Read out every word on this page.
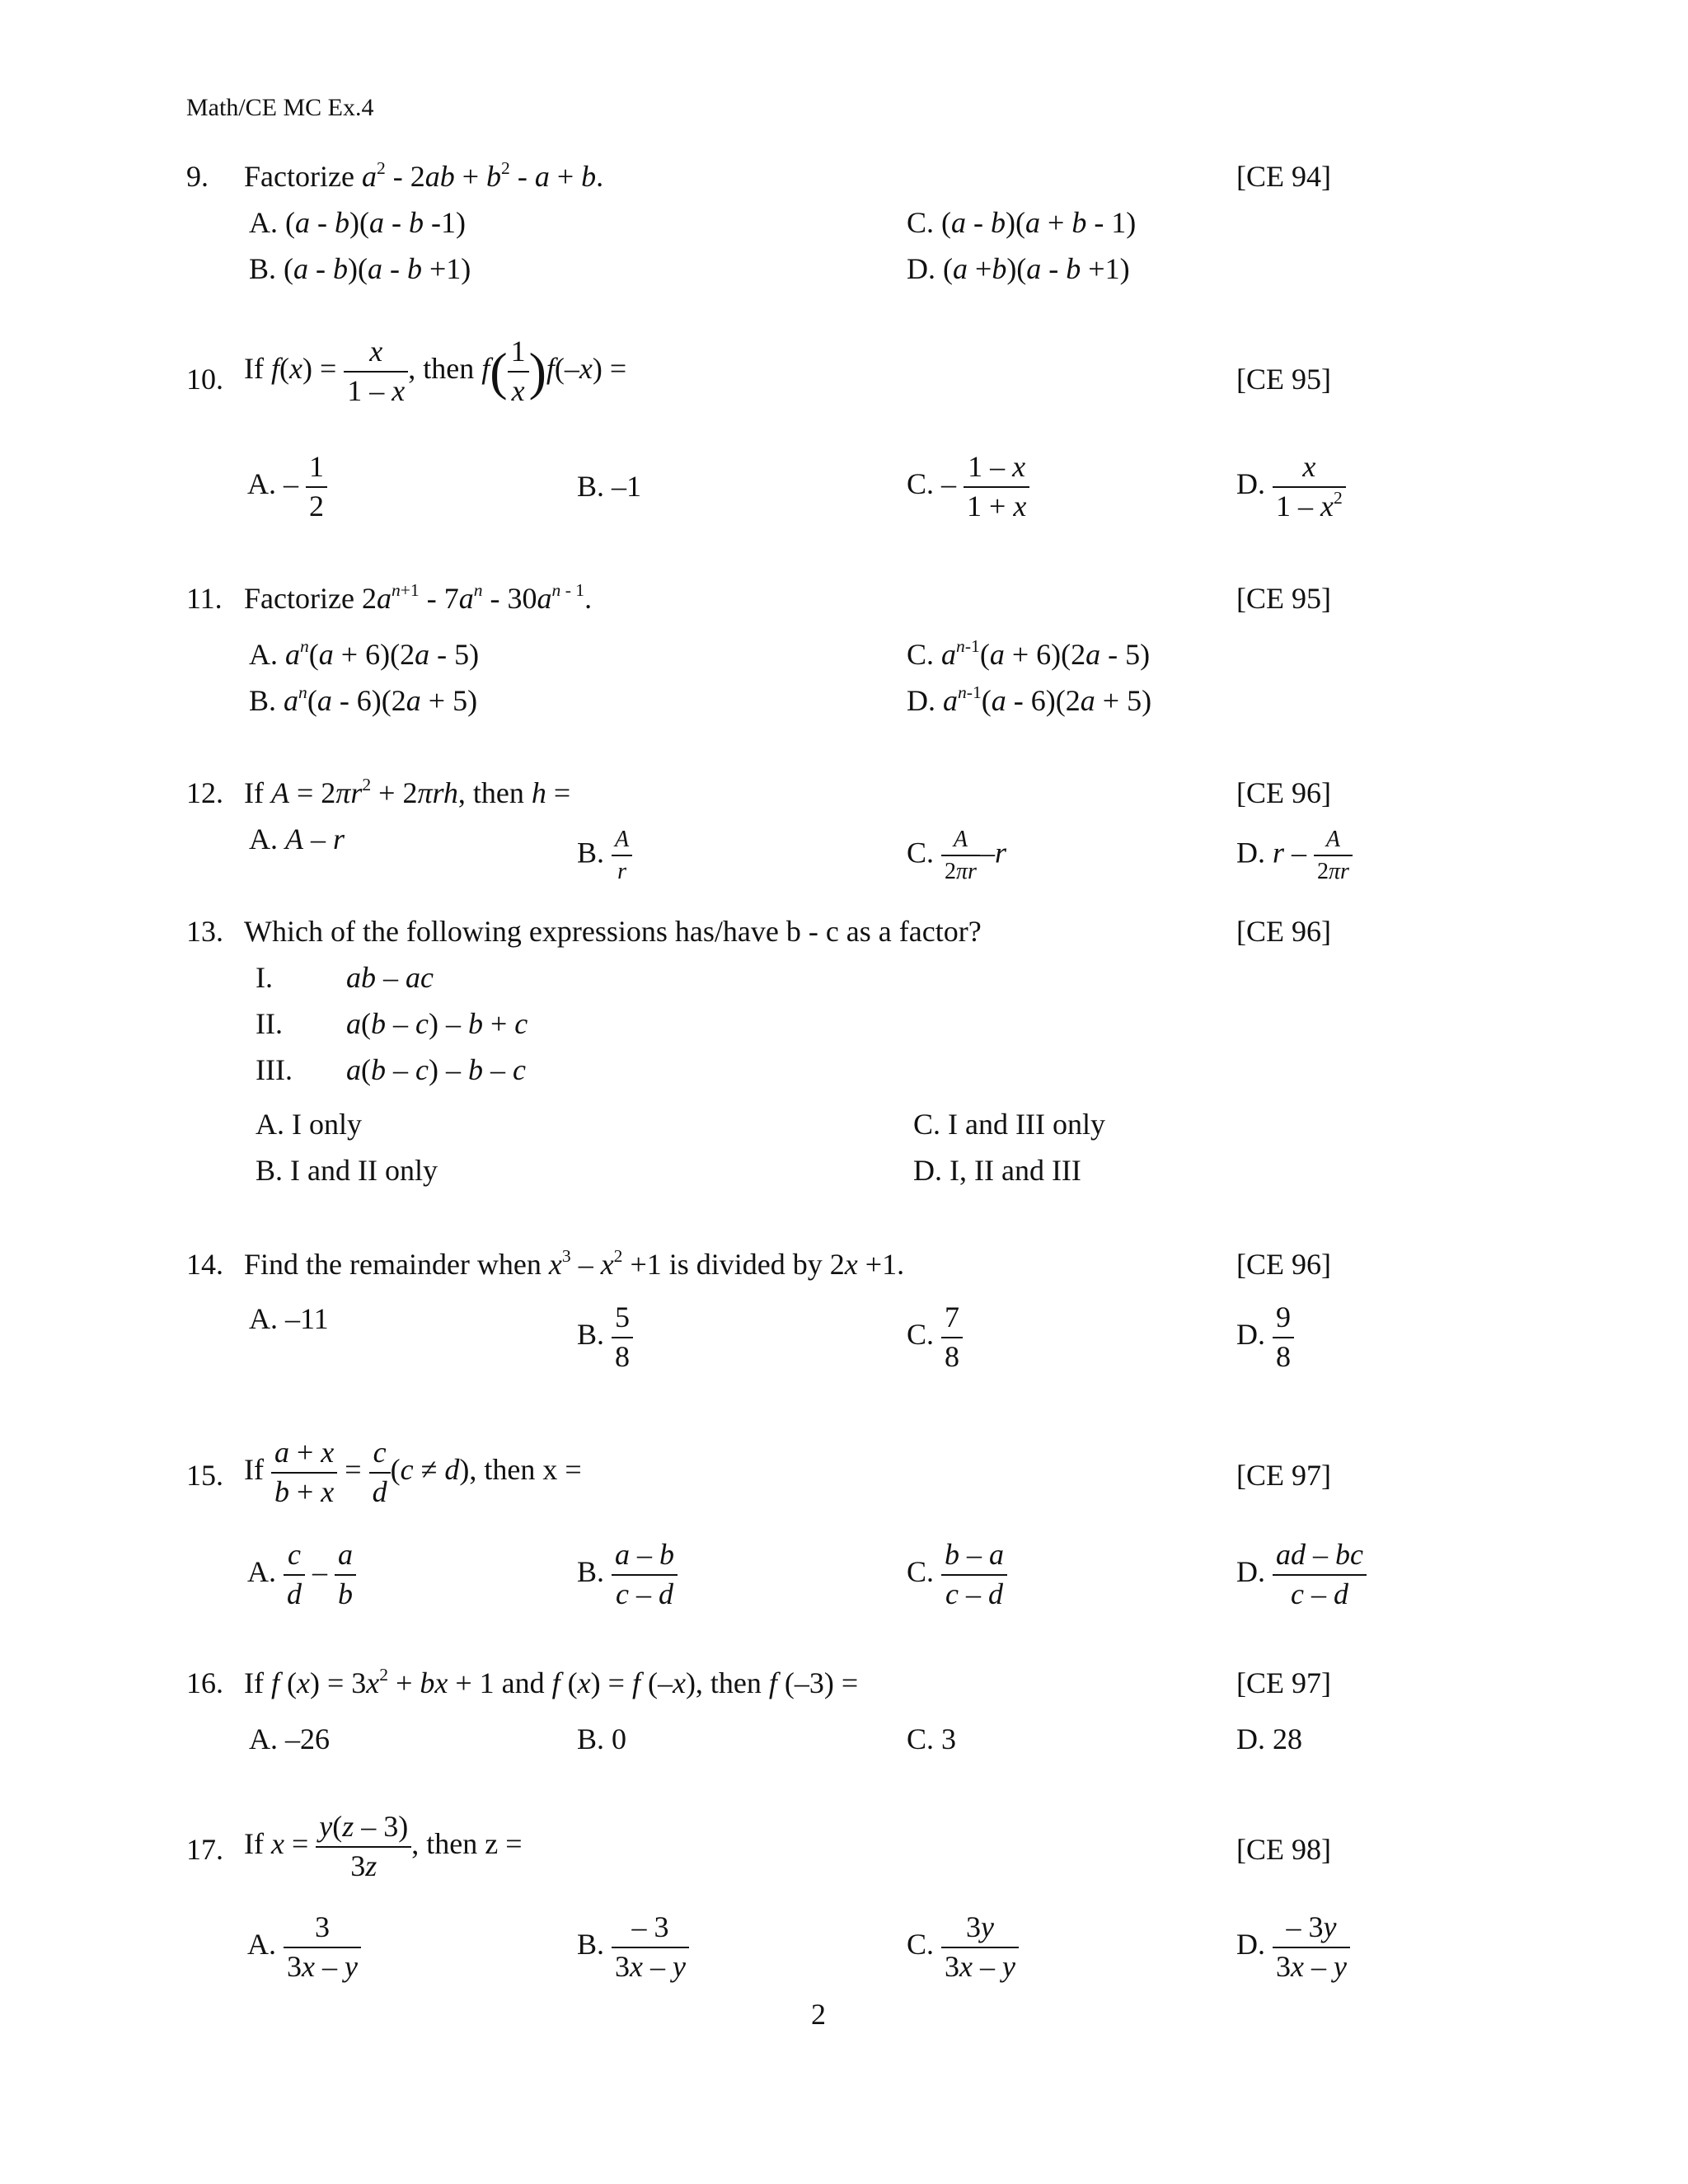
Math/CE MC Ex.4
9. Factorize $a^2 - 2ab + b^2 - a + b$.	[CE 94]
A. (a - b)(a - b -1)
B. (a - b)(a - b +1)
C. (a - b)(a + b - 1)
D. (a +b)(a - b +1)
10. If $f(x) = \frac{x}{1 - x}$ , then $f( \frac{1}{x} )f(-x)$ =	[CE 95]
A. – $\frac{1}{2}$	B. –1	C. – $\frac{1 - x}{1 + x}$	D. $\frac{x}{1 - x^2}$
11. Factorize $2a^{n+1} - 7a^n - 30a^{n - 1}$.	[CE 95]
A. $a^n(a + 6)(2a - 5)$
B. $a^n(a - 6)(2a + 5)$
C. $a^{n-1}(a + 6)(2a - 5)$
D. $a^{n-1}(a - 6)(2a + 5)$
12. If $A = 2\pi r^2 + 2\pi rh$, then h =	[CE 96]
A. A – r	B. $\frac{A}{r}$	C. $\frac{A}{2\pi r} -r$	D. r – $\frac{A}{2\pi r}$
13. Which of the following expressions has/have b - c as a factor?	[CE 96]
I. ab – ac
II. a(b – c) – b + c
III. a(b – c) – b – c
A. I only
B. I and II only
C. I and III only
D. I, II and III
14. Find the remainder when $x^3 - x^2 +1$ is divided by 2x +1.	[CE 96]
A. –11	B. $\frac{5}{8}$	C. $\frac{7}{8}$	D. $\frac{9}{8}$
15. If $\frac{a + x}{b + x} = \frac{c}{d} (c \ne d)$, then x =	[CE 97]
A. $\frac{c}{d} - \frac{a}{b}$	B. $\frac{a - b}{c - d}$	C. $\frac{b - a}{c - d}$	D. $\frac{ad - bc}{c - d}$
16. If f $(x) = 3x^2$ + bx + 1 and f (x) = f (–x), then f (–3) =	[CE 97]
A. –26	B. 0	C. 3	D. 28
17. If $x = \frac{y(z - 3)}{3z}$ , then z =	[CE 98]
A. $\frac{3}{3x - y}$	B. $\frac{- 3}{3x - y}$	C. $\frac{3y}{3x - y}$	D. $\frac{- 3y}{3x - y}$
2
